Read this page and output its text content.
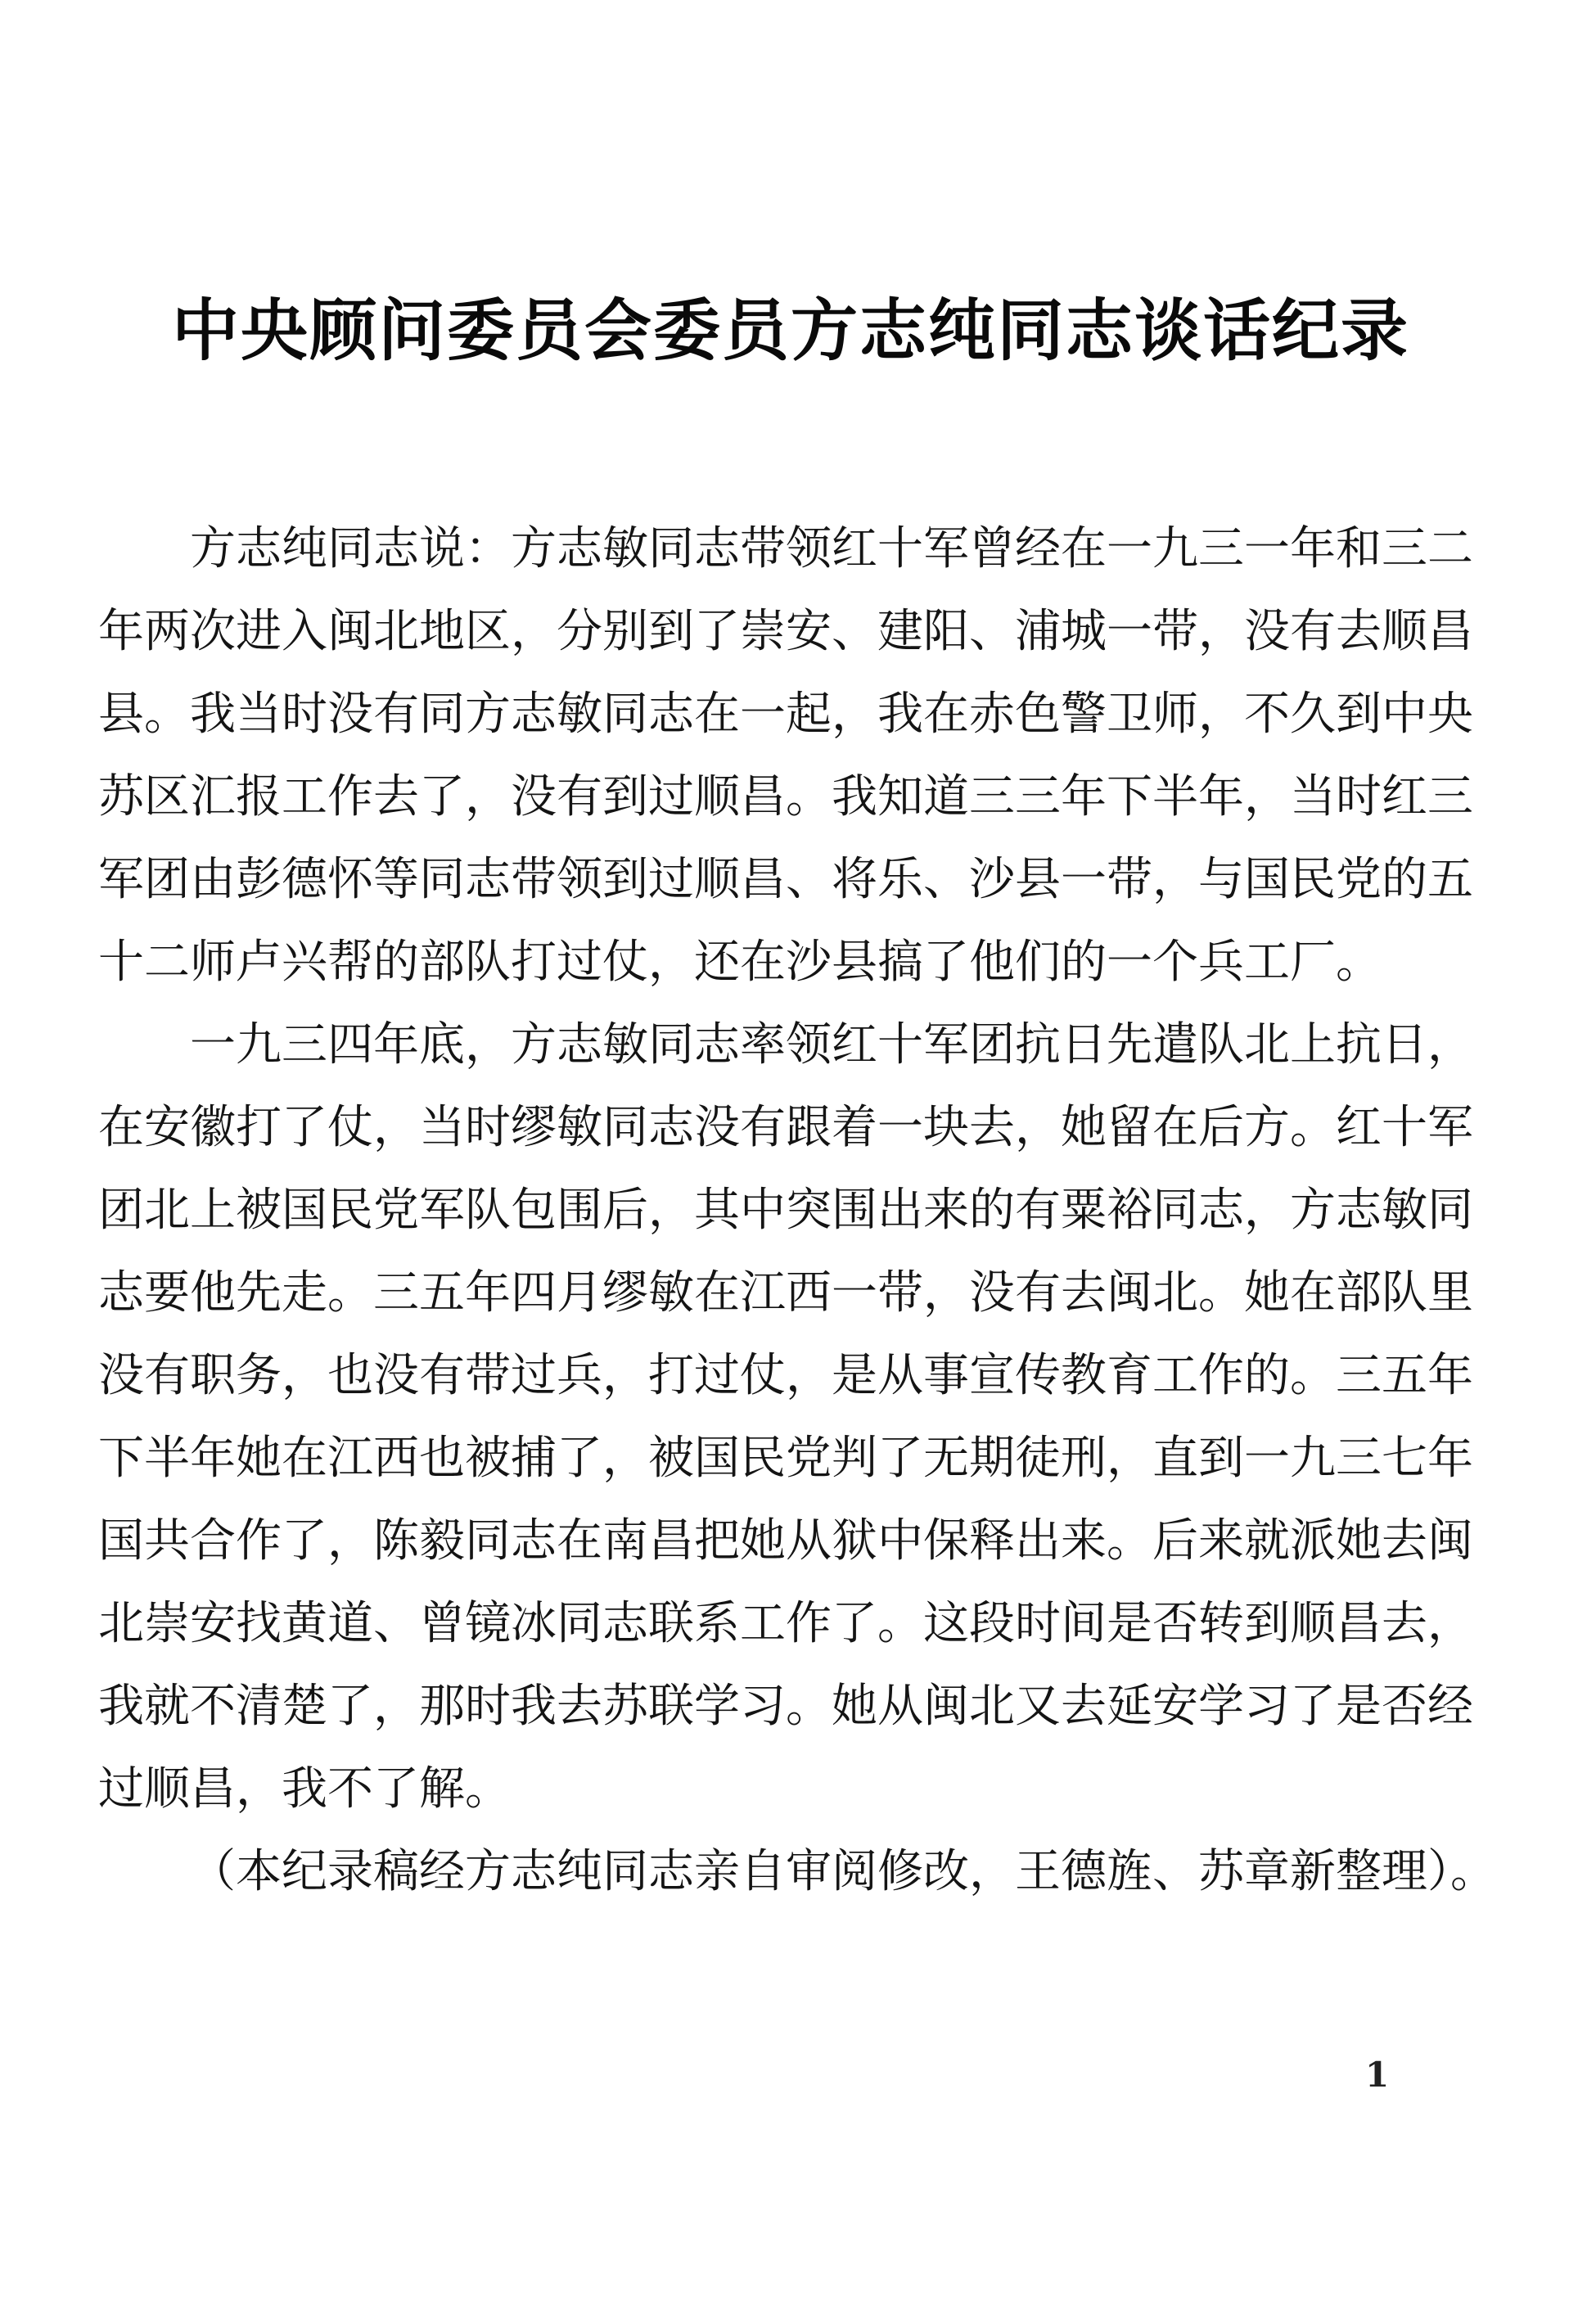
中央顾问委员会委员方志纯同志谈话纪录

方志纯同志说：方志敏同志带领红十军曾经在一九三一年和三二年两次进入闽北地区，分别到了崇安、建阳、浦城一带，没有去顺昌县。我当时没有同方志敏同志在一起，我在赤色警卫师，不久到中央苏区汇报工作去了，没有到过顺昌。我知道三三年下半年，当时红三军团由彭德怀等同志带领到过顺昌、将乐、沙县一带，与国民党的五十二师卢兴帮的部队打过仗，还在沙县搞了他们的一个兵工厂。

一九三四年底，方志敏同志率领红十军团抗日先遣队北上抗日，在安徽打了仗，当时缪敏同志没有跟着一块去，她留在后方。红十军团北上被国民党军队包围后，其中突围出来的有粟裕同志，方志敏同志要他先走。三五年四月缪敏在江西一带，没有去闽北。她在部队里没有职务，也没有带过兵，打过仗，是从事宣传教育工作的。三五年下半年她在江西也被捕了，被国民党判了无期徒刑，直到一九三七年国共合作了，陈毅同志在南昌把她从狱中保释出来。后来就派她去闽北崇安找黄道、曾镜冰同志联系工作了。这段时间是否转到顺昌去，我就不清楚了，那时我去苏联学习。她从闽北又去延安学习了是否经过顺昌，我不了解。

（本纪录稿经方志纯同志亲自审阅修改，王德旌、苏章新整理）。

1
